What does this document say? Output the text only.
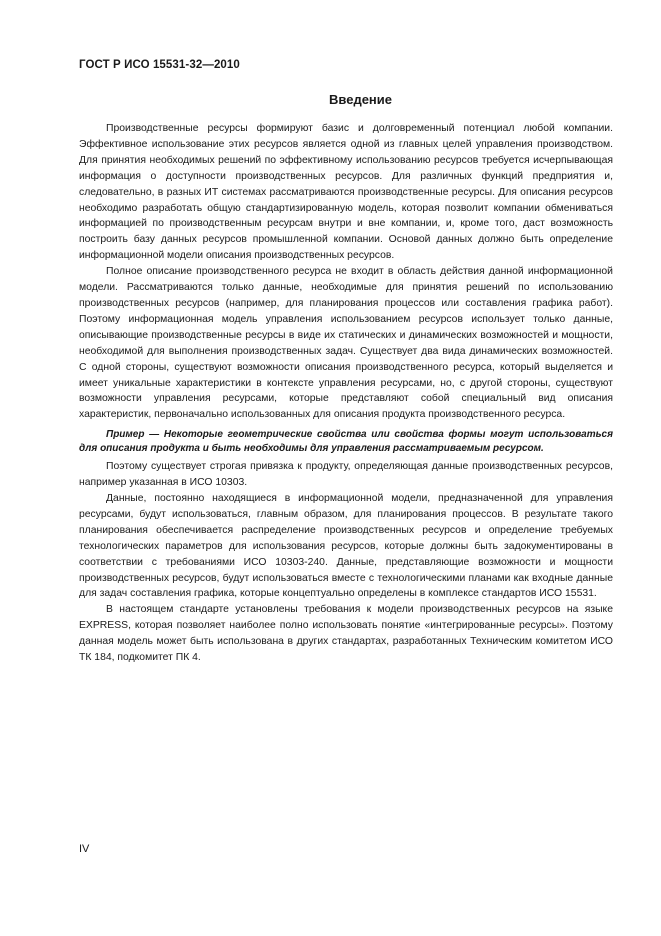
ГОСТ Р ИСО 15531-32—2010
Введение

Производственные ресурсы формируют базис и долговременный потенциал любой компании. Эффективное использование этих ресурсов является одной из главных целей управления производством. Для принятия необходимых решений по эффективному использованию ресурсов требуется исчерпывающая информация о доступности производственных ресурсов. Для различных функций предприятия и, следовательно, в разных ИТ системах рассматриваются производственные ресурсы. Для описания ресурсов необходимо разработать общую стандартизированную модель, которая позволит компании обмениваться информацией по производственным ресурсам внутри и вне компании, и, кроме того, даст возможность построить базу данных ресурсов промышленной компании. Основой данных должно быть определение информационной модели описания производственных ресурсов.

Полное описание производственного ресурса не входит в область действия данной информационной модели. Рассматриваются только данные, необходимые для принятия решений по использованию производственных ресурсов (например, для планирования процессов или составления графика работ). Поэтому информационная модель управления использованием ресурсов использует только данные, описывающие производственные ресурсы в виде их статических и динамических возможностей и мощности, необходимой для выполнения производственных задач. Существует два вида динамических возможностей. С одной стороны, существуют возможности описания производственного ресурса, который выделяется и имеет уникальные характеристики в контексте управления ресурсами, но, с другой стороны, существуют возможности управления ресурсами, которые представляют собой специальный вид описания характеристик, первоначально использованных для описания продукта производственного ресурса.

Пример — Некоторые геометрические свойства или свойства формы могут использоваться для описания продукта и быть необходимы для управления рассматриваемым ресурсом.

Поэтому существует строгая привязка к продукту, определяющая данные производственных ресурсов, например указанная в ИСО 10303.

Данные, постоянно находящиеся в информационной модели, предназначенной для управления ресурсами, будут использоваться, главным образом, для планирования процессов. В результате такого планирования обеспечивается распределение производственных ресурсов и определение требуемых технологических параметров для использования ресурсов, которые должны быть задокументированы в соответствии с требованиями ИСО 10303-240. Данные, представляющие возможности и мощности производственных ресурсов, будут использоваться вместе с технологическими планами как входные данные для задач составления графика, которые концептуально определены в комплексе стандартов ИСО 15531.

В настоящем стандарте установлены требования к модели производственных ресурсов на языке EXPRESS, которая позволяет наиболее полно использовать понятие «интегрированные ресурсы». Поэтому данная модель может быть использована в других стандартах, разработанных Техническим комитетом ИСО ТК 184, подкомитет ПК 4.

IV
